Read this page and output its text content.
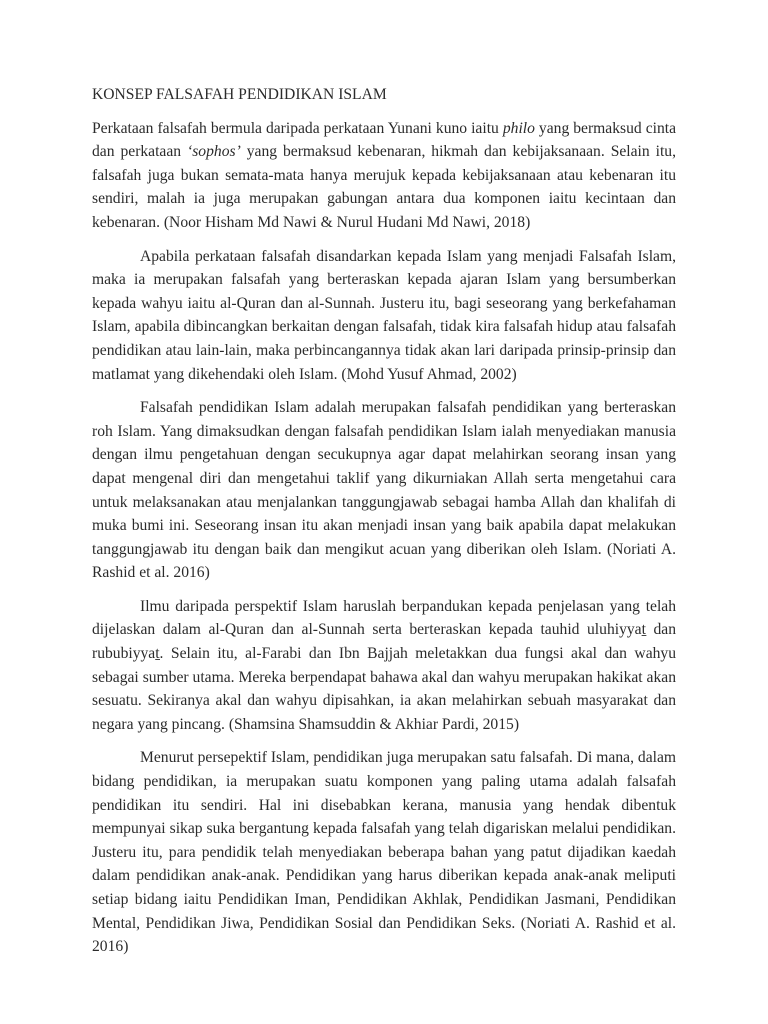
KONSEP FALSAFAH PENDIDIKAN ISLAM

Perkataan falsafah bermula daripada perkataan Yunani kuno iaitu philo yang bermaksud cinta dan perkataan ‘sophos’ yang bermaksud kebenaran, hikmah dan kebijaksanaan. Selain itu, falsafah juga bukan semata-mata hanya merujuk kepada kebijaksanaan atau kebenaran itu sendiri, malah ia juga merupakan gabungan antara dua komponen iaitu kecintaan dan kebenaran. (Noor Hisham Md Nawi & Nurul Hudani Md Nawi, 2018)

Apabila perkataan falsafah disandarkan kepada Islam yang menjadi Falsafah Islam, maka ia merupakan falsafah yang berteraskan kepada ajaran Islam yang bersumberkan kepada wahyu iaitu al-Quran dan al-Sunnah. Justeru itu, bagi seseorang yang berkefahaman Islam, apabila dibincangkan berkaitan dengan falsafah, tidak kira falsafah hidup atau falsafah pendidikan atau lain-lain, maka perbincangannya tidak akan lari daripada prinsip-prinsip dan matlamat yang dikehendaki oleh Islam. (Mohd Yusuf Ahmad, 2002)

Falsafah pendidikan Islam adalah merupakan falsafah pendidikan yang berteraskan roh Islam. Yang dimaksudkan dengan falsafah pendidikan Islam ialah menyediakan manusia dengan ilmu pengetahuan dengan secukupnya agar dapat melahirkan seorang insan yang dapat mengenal diri dan mengetahui taklif yang dikurniakan Allah serta mengetahui cara untuk melaksanakan atau menjalankan tanggungjawab sebagai hamba Allah dan khalifah di muka bumi ini. Seseorang insan itu akan menjadi insan yang baik apabila dapat melakukan tanggungjawab itu dengan baik dan mengikut acuan yang diberikan oleh Islam. (Noriati A. Rashid et al. 2016)

Ilmu daripada perspektif Islam haruslah berpandukan kepada penjelasan yang telah dijelaskan dalam al-Quran dan al-Sunnah serta berteraskan kepada tauhid uluhiyyaṯ dan rububiyyaṯ. Selain itu, al-Farabi dan Ibn Bajjah meletakkan dua fungsi akal dan wahyu sebagai sumber utama. Mereka berpendapat bahawa akal dan wahyu merupakan hakikat akan sesuatu. Sekiranya akal dan wahyu dipisahkan, ia akan melahirkan sebuah masyarakat dan negara yang pincang. (Shamsina Shamsuddin & Akhiar Pardi, 2015)

Menurut persepektif Islam, pendidikan juga merupakan satu falsafah. Di mana, dalam bidang pendidikan, ia merupakan suatu komponen yang paling utama adalah falsafah pendidikan itu sendiri. Hal ini disebabkan kerana, manusia yang hendak dibentuk mempunyai sikap suka bergantung kepada falsafah yang telah digariskan melalui pendidikan. Justeru itu, para pendidik telah menyediakan beberapa bahan yang patut dijadikan kaedah dalam pendidikan anak-anak. Pendidikan yang harus diberikan kepada anak-anak meliputi setiap bidang iaitu Pendidikan Iman, Pendidikan Akhlak, Pendidikan Jasmani, Pendidikan Mental, Pendidikan Jiwa, Pendidikan Sosial dan Pendidikan Seks. (Noriati A. Rashid et al. 2016)
